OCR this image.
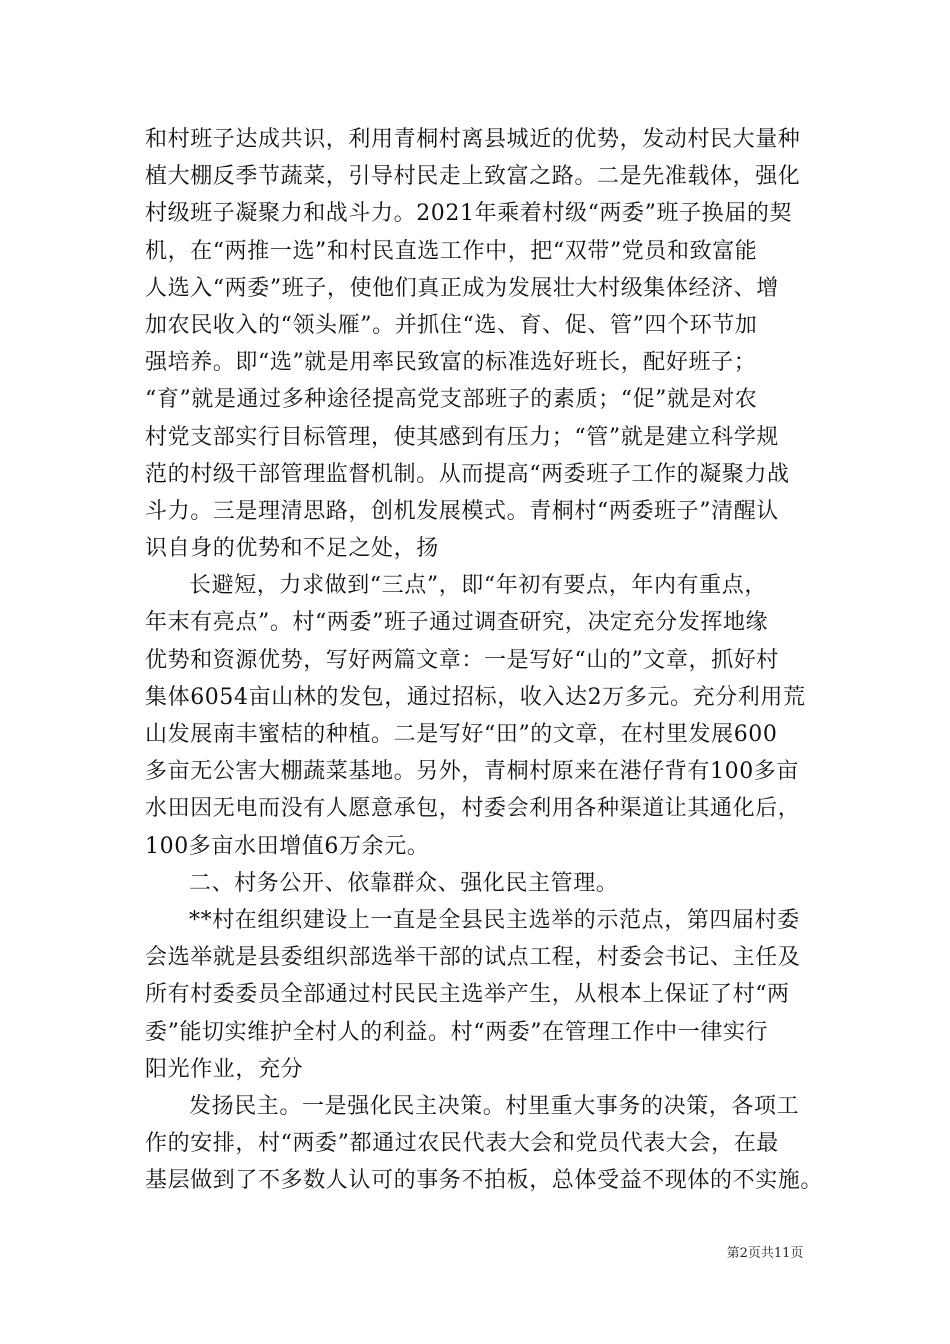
和村班子达成共识，利用青桐村离县城近的优势，发动村民大量种
植大棚反季节蔬菜，引导村民走上致富之路。二是先准载体，强化
村级班子凝聚力和战斗力。2021年乘着村级“两委”班子换届的契
机，在“两推一选”和村民直选工作中，把“双带”党员和致富能
人选入“两委”班子，使他们真正成为发展壮大村级集体经济、增
加农民收入的“领头雁”。并抓住“选、育、促、管”四个环节加
强培养。即“选”就是用率民致富的标准选好班长，配好班子；
“育”就是通过多种途径提高党支部班子的素质；“促”就是对农
村党支部实行目标管理，使其感到有压力；“管”就是建立科学规
范的村级干部管理监督机制。从而提高“两委班子工作的凝聚力战
斗力。三是理清思路，创机发展模式。青桐村“两委班子”清醒认
识自身的优势和不足之处，扬
长避短，力求做到“三点”，即“年初有要点，年内有重点，
年末有亮点”。村“两委”班子通过调查研究，决定充分发挥地缘
优势和资源优势，写好两篇文章：一是写好“山的”文章，抓好村
集体6054亩山林的发包，通过招标，收入达2万多元。充分利用荒
山发展南丰蜜桔的种植。二是写好“田”的文章，在村里发展600
多亩无公害大棚蔬菜基地。另外，青桐村原来在港仔背有100多亩
水田因无电而没有人愿意承包，村委会利用各种渠道让其通化后，
100多亩水田增值6万余元。
二、村务公开、依靠群众、强化民主管理。
**村在组织建设上一直是全县民主选举的示范点，第四届村委
会选举就是县委组织部选举干部的试点工程，村委会书记、主任及
所有村委委员全部通过村民民主选举产生，从根本上保证了村“两
委”能切实维护全村人的利益。村“两委”在管理工作中一律实行
阳光作业，充分
发扬民主。一是强化民主决策。村里重大事务的决策，各项工
作的安排，村“两委”都通过农民代表大会和党员代表大会，在最
基层做到了不多数人认可的事务不拍板，总体受益不现体的不实施。
第2页共11页
